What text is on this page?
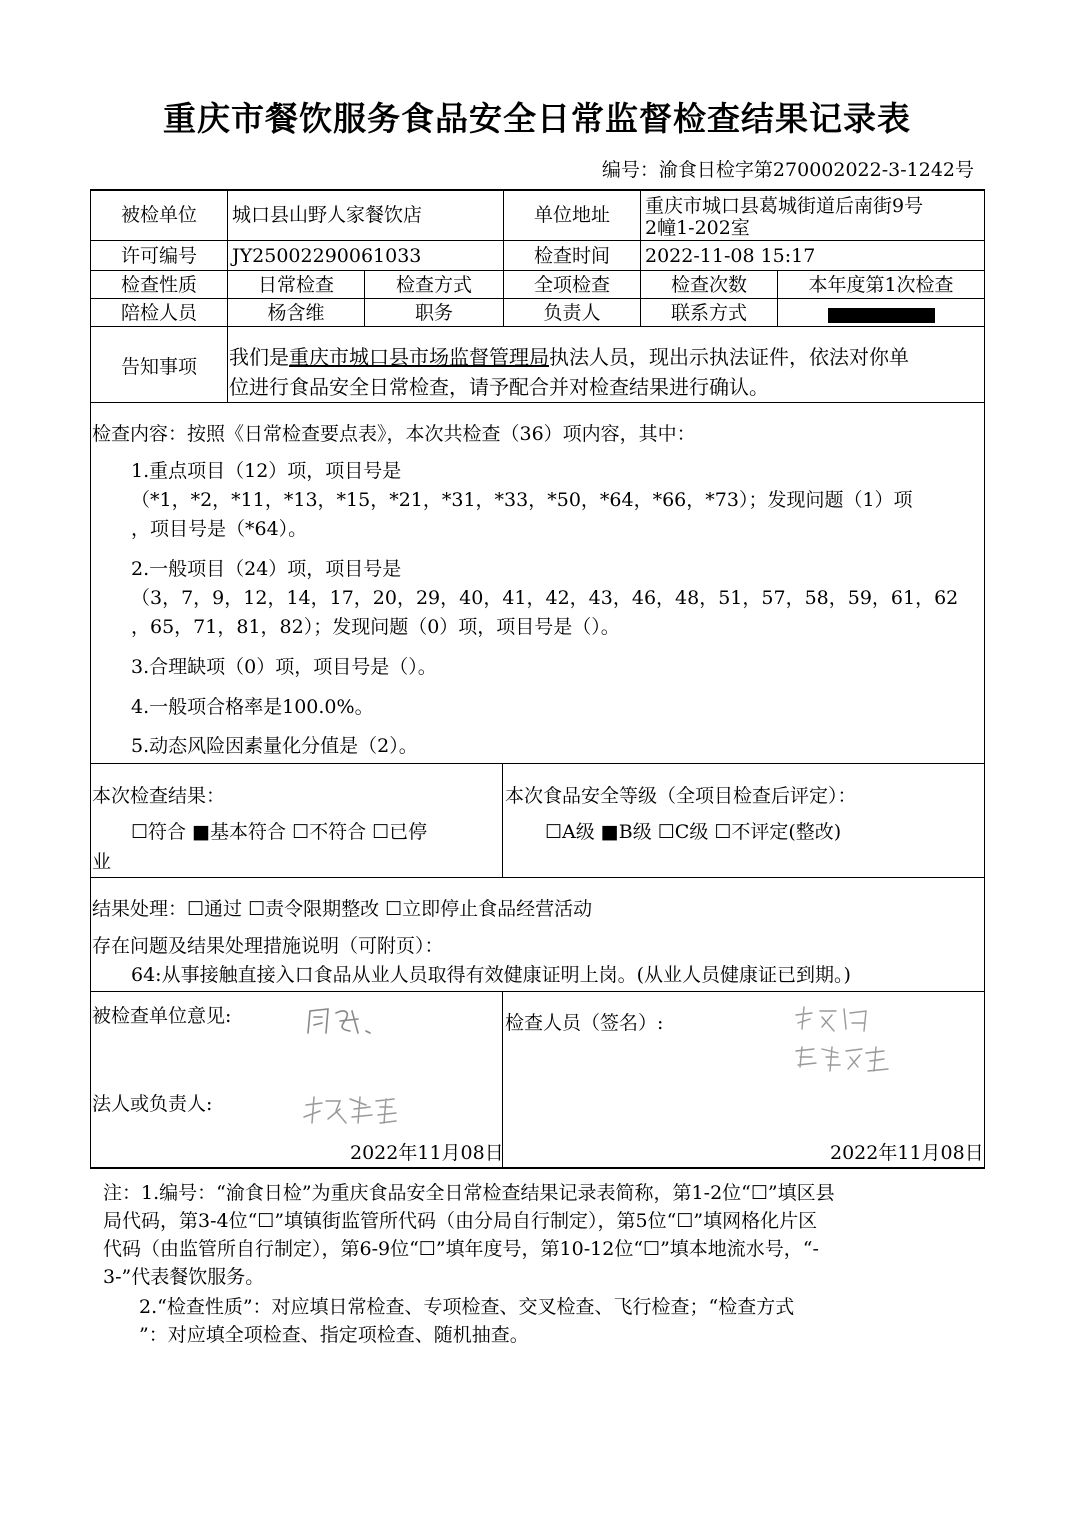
重庆市餐饮服务食品安全日常监督检查结果记录表
编号：渝食日检字第270002022-3-1242号
被检单位	城口县山野人家餐饮店	单位地址	重庆市城口县葛城街道后南街9号
2幢1-202室
许可编号	JY25002290061033	检查时间	2022-11-08 15:17
检查性质	日常检查	检查方式	全项检查	检查次数	本年度第1次检查
陪检人员	杨含维	职务	负责人	联系方式
告知事项	我们是重庆市城口县市场监督管理局执法人员，现出示执法证件，依法对你单
位进行食品安全日常检查，请予配合并对检查结果进行确认。
检查内容：按照《日常检查要点表》，本次共检查（36）项内容，其中：
1.重点项目（12）项，项目号是
（*1，*2，*11，*13，*15，*21，*31，*33，*50，*64，*66，*73）；发现问题（1）项
，项目号是（*64）。
2.一般项目（24）项，项目号是
（3，7，9，12，14，17，20，29，40，41，42，43，46，48，51，57，58，59，61，62
，65，71，81，82）；发现问题（0）项，项目号是（）。
3.合理缺项（0）项，项目号是（）。
4.一般项合格率是100.0%。
5.动态风险因素量化分值是（2）。
本次检查结果：
☐符合 ■基本符合 ☐不符合 ☐已停
业
本次食品安全等级（全项目检查后评定）：
☐A级 ■B级 ☐C级 ☐不评定(整改)
结果处理：☐通过 ☐责令限期整改 ☐立即停止食品经营活动
存在问题及结果处理措施说明（可附页）：
64:从事接触直接入口食品从业人员取得有效健康证明上岗。(从业人员健康证已到期。)
被检查单位意见:
法人或负责人:
2022年11月08日
检查人员（签名）:
2022年11月08日
注：1.编号：“渝食日检”为重庆食品安全日常检查结果记录表简称，第1-2位“☐”填区县
局代码，第3-4位“☐”填镇街监管所代码（由分局自行制定），第5位“☐”填网格化片区
代码（由监管所自行制定），第6-9位“☐”填年度号，第10-12位“☐”填本地流水号，“-
3-”代表餐饮服务。
2.“检查性质”：对应填日常检查、专项检查、交叉检查、飞行检查；“检查方式
”：对应填全项检查、指定项检查、随机抽查。
